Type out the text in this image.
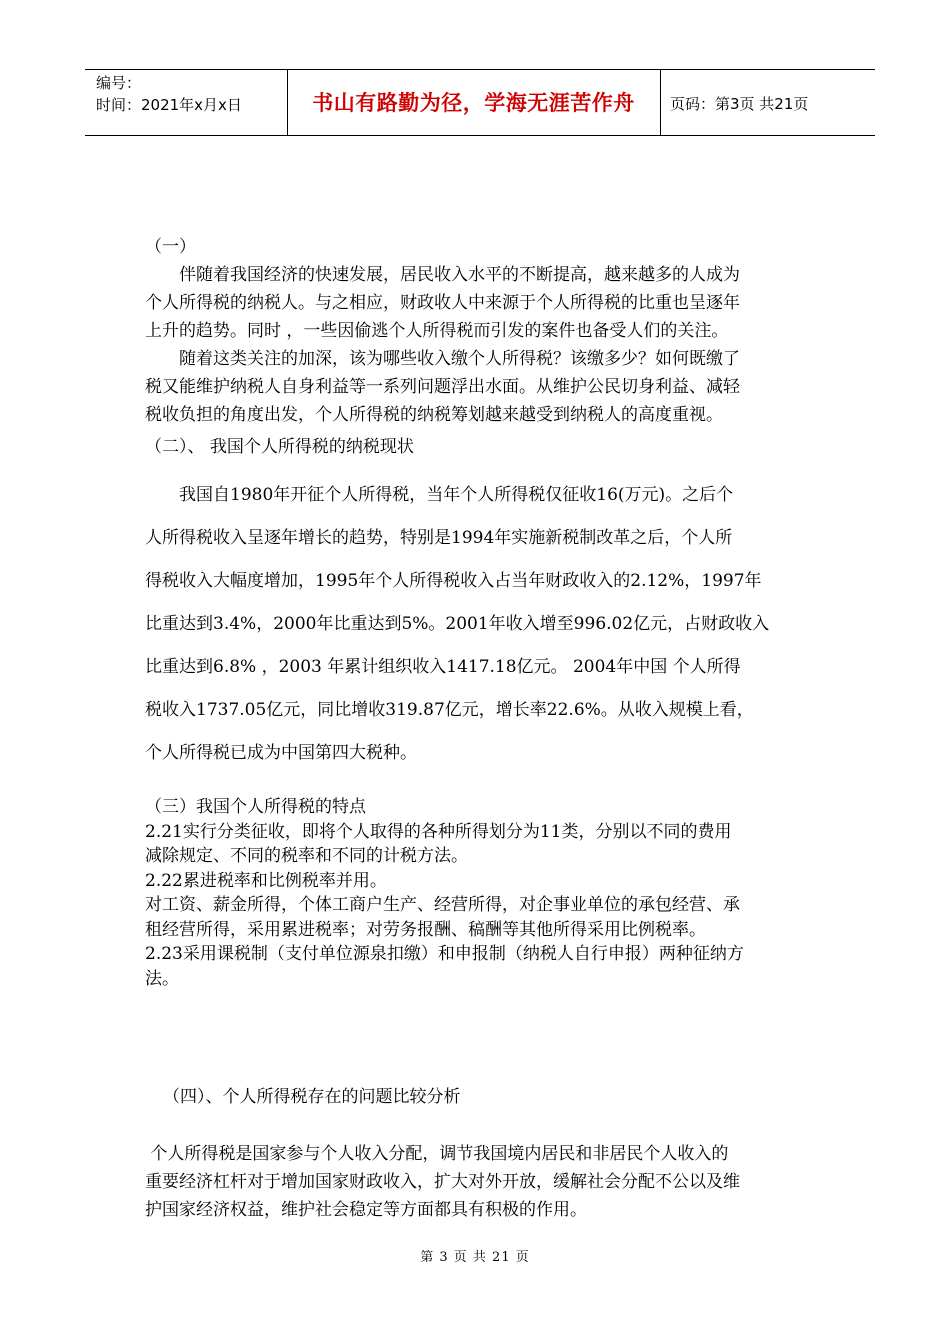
编号：
时间：2021年x月x日	书山有路勤为径，学海无涯苦作舟	页码：第3页 共21页
（一）
伴随着我国经济的快速发展，居民收入水平的不断提高，越来越多的人成为
个人所得税的纳税人。与之相应，财政收人中来源于个人所得税的比重也呈逐年
上升的趋势。同时 ，一些因偷逃个人所得税而引发的案件也备受人们的关注。
随着这类关注的加深，该为哪些收入缴个人所得税？该缴多少？如何既缴了
税又能维护纳税人自身利益等一系列问题浮出水面。从维护公民切身利益、减轻
税收负担的角度出发，个人所得税的纳税筹划越来越受到纳税人的高度重视。
（二）、 我国个人所得税的纳税现状
我国自1980年开征个人所得税，当年个人所得税仅征收16(万元)。之后个
人所得税收入呈逐年增长的趋势，特别是1994年实施新税制改革之后，个人所
得税收入大幅度增加，1995年个人所得税收入占当年财政收入的2.12%，1997年
比重达到3.4%，2000年比重达到5%。2001年收入增至996.02亿元，占财政收入
比重达到6.8% ，2003 年累计组织收入1417.18亿元。 2004年中国 个人所得
税收入1737.05亿元，同比增收319.87亿元，增长率22.6%。从收入规模上看，
个人所得税已成为中国第四大税种。
（三）我国个人所得税的特点
2.21实行分类征收，即将个人取得的各种所得划分为11类，分别以不同的费用
减除规定、不同的税率和不同的计税方法。
2.22累进税率和比例税率并用。
对工资、薪金所得，个体工商户生产、经营所得，对企事业单位的承包经营、承
租经营所得，采用累进税率；对劳务报酬、稿酬等其他所得采用比例税率。
2.23采用课税制（支付单位源泉扣缴）和申报制（纳税人自行申报）两种征纳方
法。
（四）、个人所得税存在的问题比较分析
个人所得税是国家参与个人收入分配，调节我国境内居民和非居民个人收入的
重要经济杠杆对于增加国家财政收入，扩大对外开放，缓解社会分配不公以及维
护国家经济权益，维护社会稳定等方面都具有积极的作用。
第 3 页 共 21 页
